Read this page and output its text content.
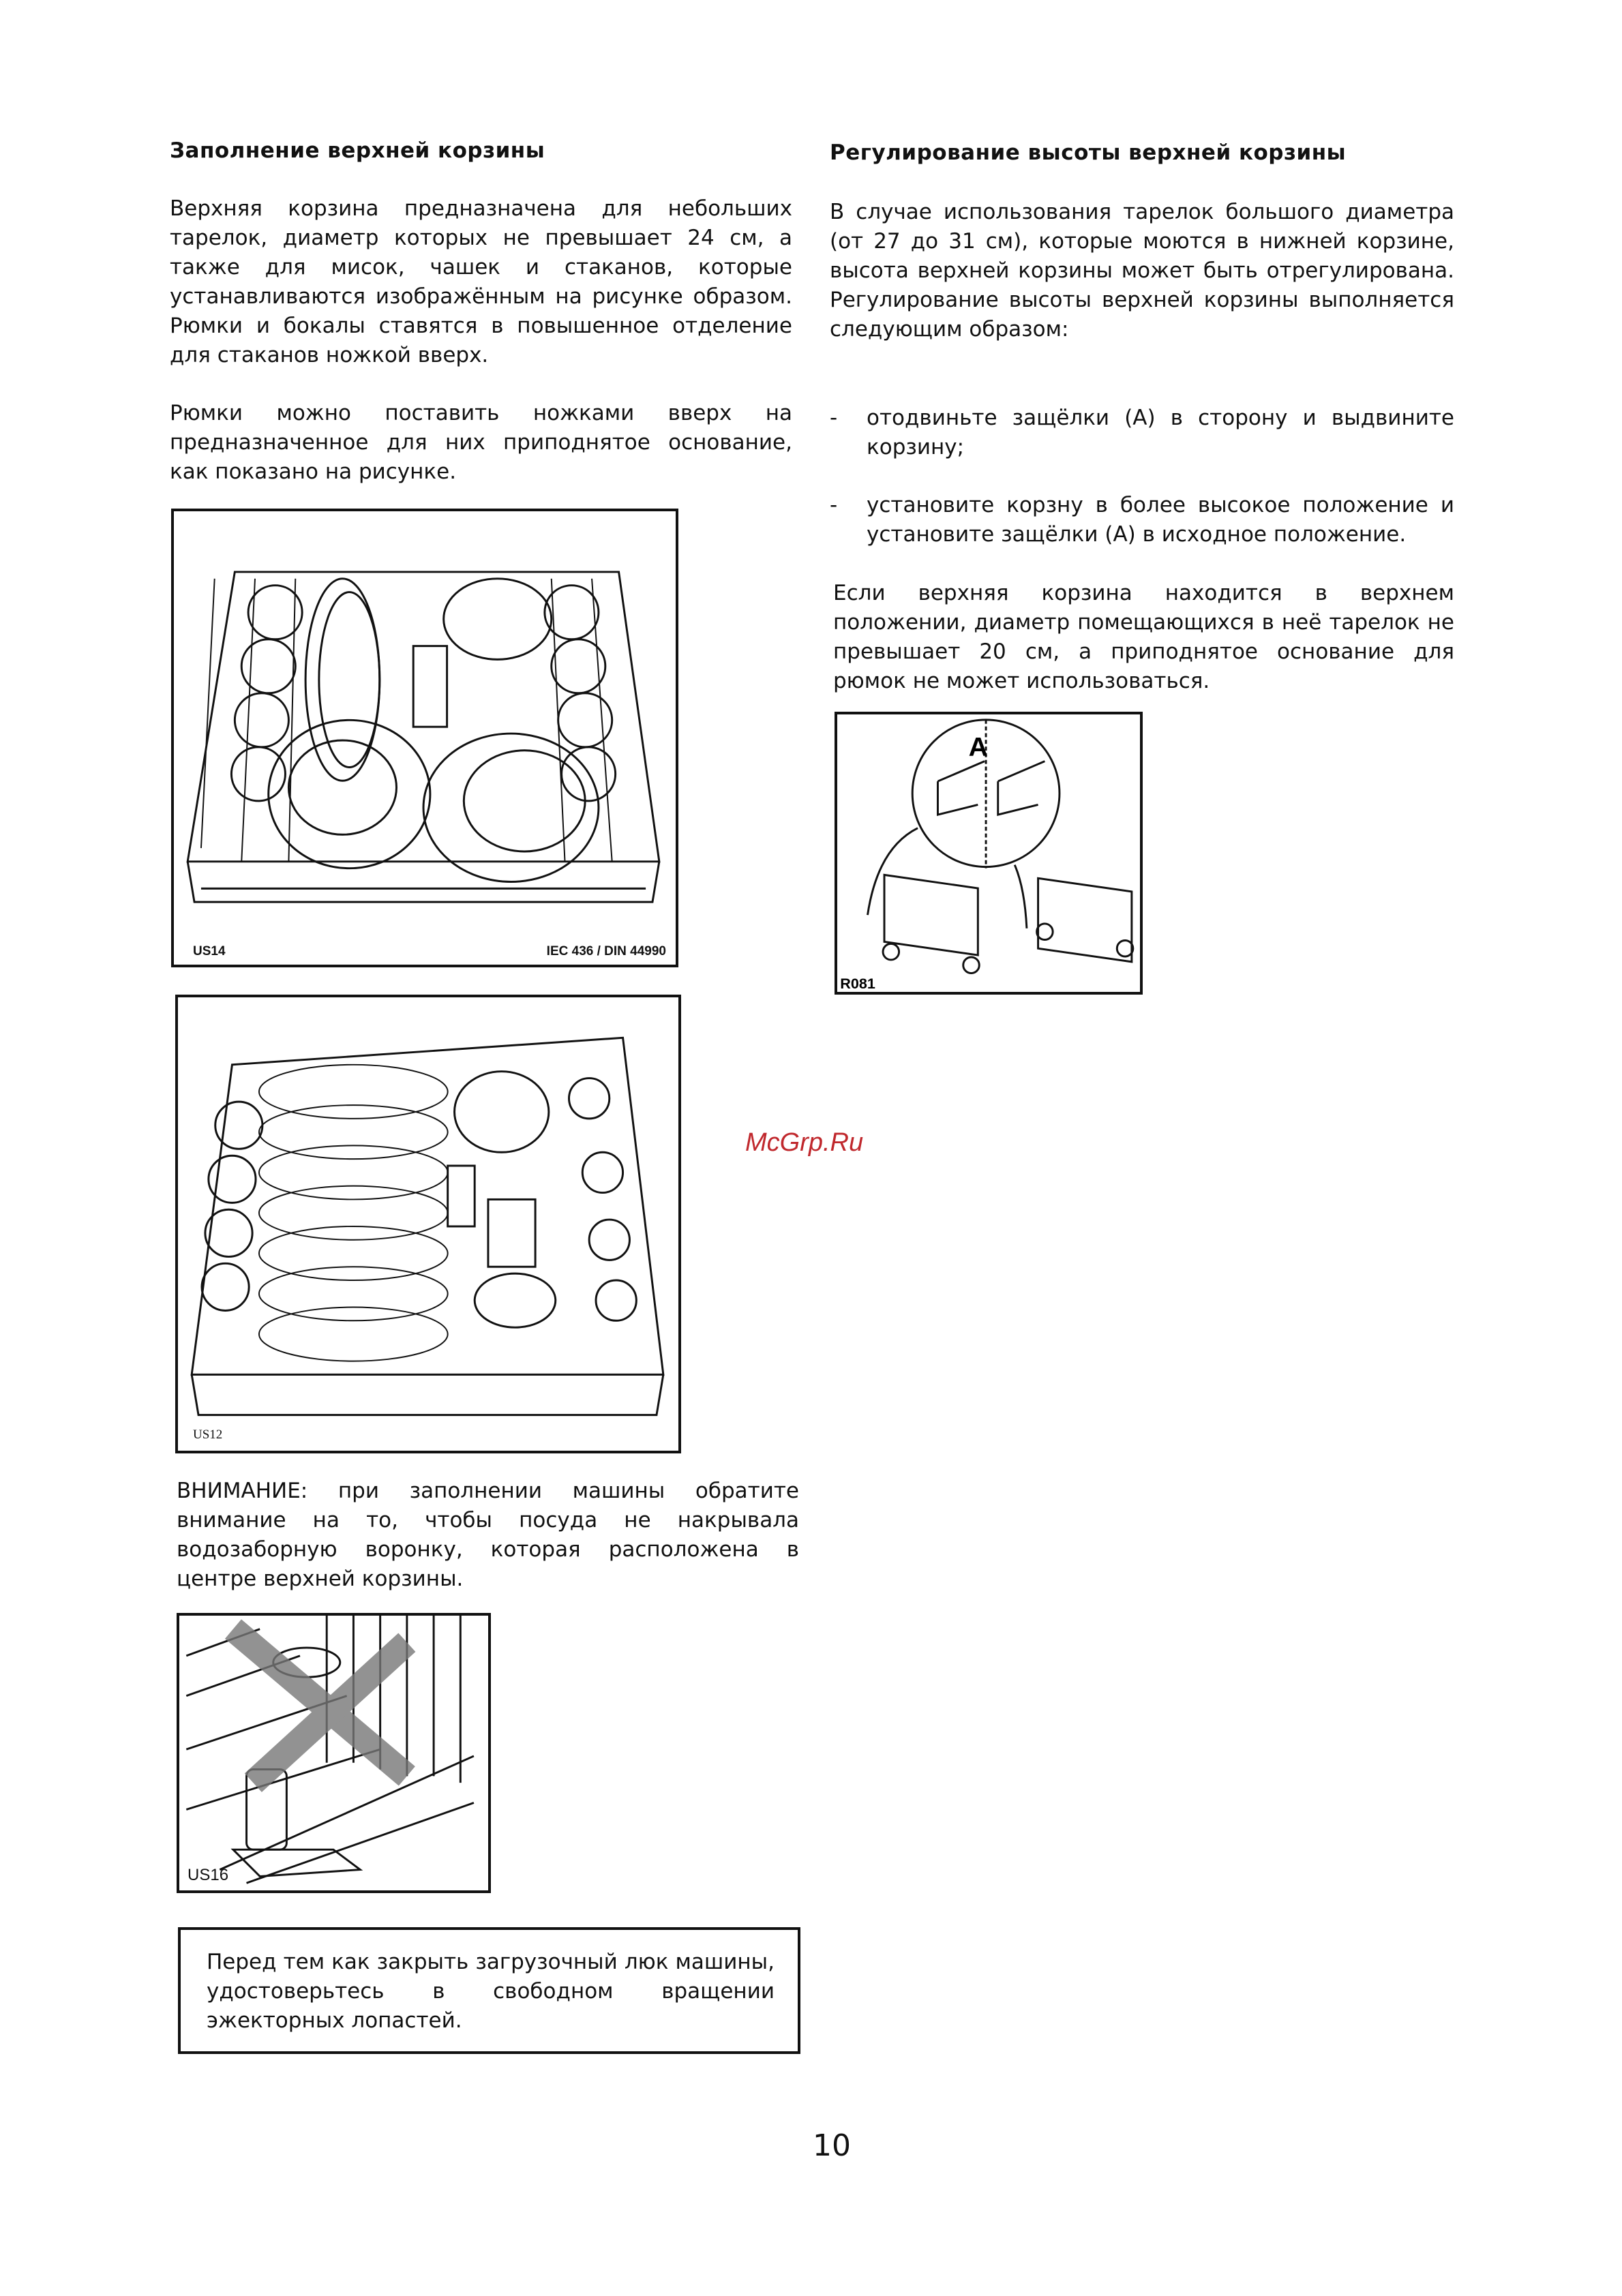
Заполнение верхней корзины
Верхняя корзина предназначена для небольших тарелок, диаметр которых не превышает 24 см, а также для мисок, чашек и стаканов, которые устанавливаются изображённым на рисунке образом. Рюмки и бокалы ставятся в повышенное отделение для стаканов ножкой вверх.
Рюмки можно поставить ножками вверх на предназначенное для них приподнятое основание, как показано на рисунке.
US14	IEC 436 / DIN 44990
US12
ВНИМАНИЕ: при заполнении машины обратите внимание на то, чтобы посуда не накрывала водозаборную воронку, которая расположена в центре верхней корзины.
US16
Перед тем как закрыть загрузочный люк машины, удостоверьтесь в свободном вращении эжекторных лопастей.
Регулирование высоты верхней корзины
В случае использования тарелок большого диаметра (от 27 до 31 см), которые моются в нижней корзине, высота верхней корзины может быть отрегулирована. Регулирование высоты верхней корзины выполняется следующим образом:
- отодвиньте защёлки (А) в сторону и выдвините корзину;
- установите корзну в более высокое положение и установите защёлки (А) в исходное положение.
Если верхняя корзина находится в верхнем положении, диаметр помещающихся в неё тарелок не превышает 20 см, а приподнятое основание для рюмок не может использоваться.
A
R081
McGrp.Ru
10
